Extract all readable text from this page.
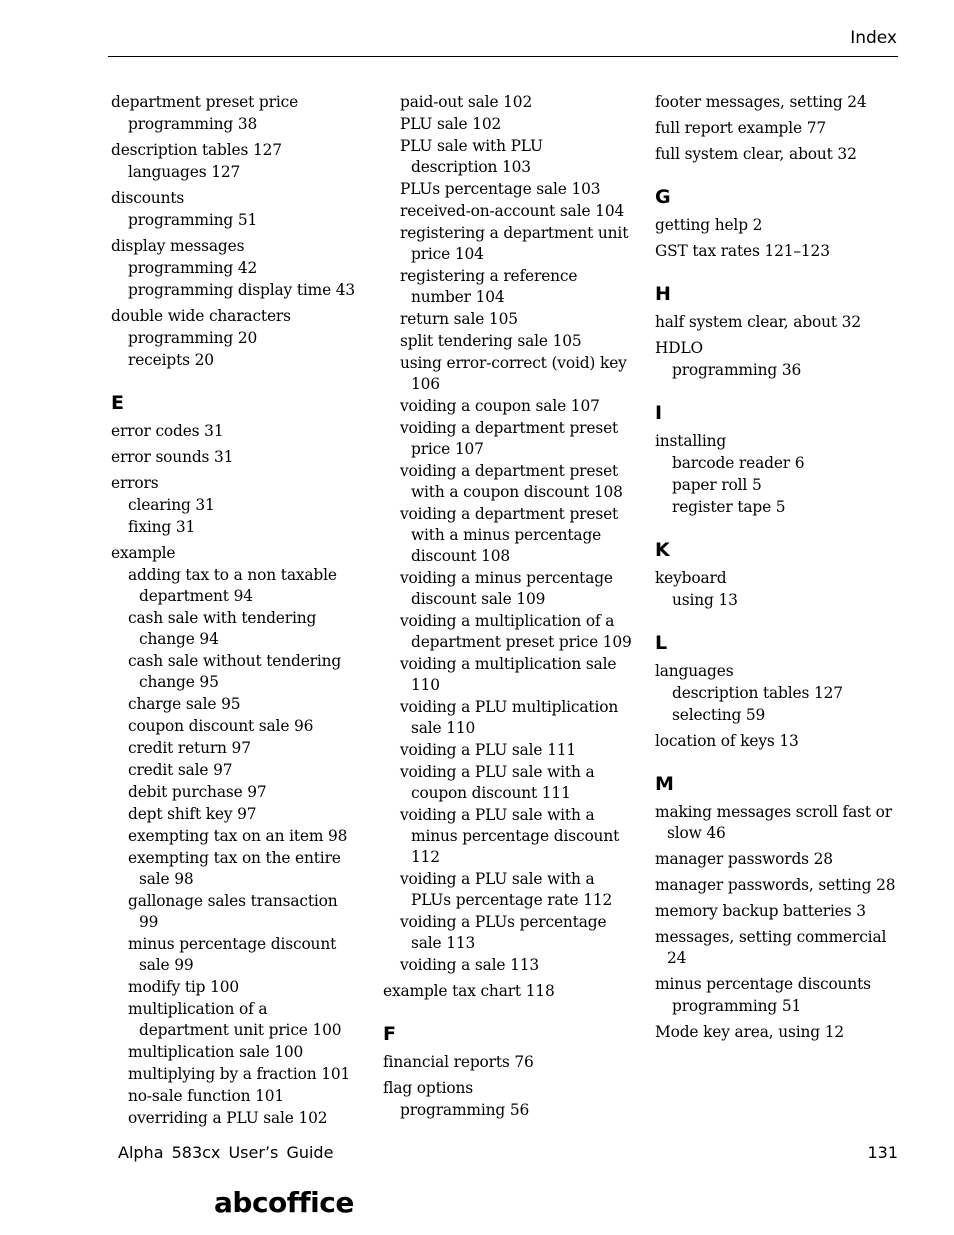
Index

department preset price

programming 38

description tables 127

languages 127

discounts

programming 51

display messages

programming 42

programming display time 43

double wide characters

programming 20

receipts 20

E

error codes 31

error sounds 31

errors

clearing 31

fixing 31

example

adding tax to a non taxable department 94

cash sale with tendering change 94

cash sale without tendering change 95

charge sale 95

coupon discount sale 96

credit return 97

credit sale 97

debit purchase 97

dept shift key 97

exempting tax on an item 98

exempting tax on the entire sale 98

gallonage sales transaction 99

minus percentage discount sale 99

modify tip 100

multiplication of a department unit price 100

multiplication sale 100

multiplying by a fraction 101

no-sale function 101

overriding a PLU sale 102

paid-out sale 102

PLU sale 102

PLU sale with PLU description 103

PLUs percentage sale 103

received-on-account sale 104

registering a department unit price 104

registering a reference number 104

return sale 105

split tendering sale 105

using error-correct (void) key 106

voiding a coupon sale 107

voiding a department preset price 107

voiding a department preset with a coupon discount 108

voiding a department preset with a minus percentage discount 108

voiding a minus percentage discount sale 109

voiding a multiplication of a department preset price 109

voiding a multiplication sale 110

voiding a PLU multiplication sale 110

voiding a PLU sale 111

voiding a PLU sale with a coupon discount 111

voiding a PLU sale with a minus percentage discount 112

voiding a PLU sale with a PLUs percentage rate 112

voiding a PLUs percentage sale 113

voiding a sale 113

example tax chart 118

F

financial reports 76

flag options

programming 56

footer messages, setting 24

full report example 77

full system clear, about 32

G

getting help 2

GST tax rates 121–123

H

half system clear, about 32

HDLO

programming 36

I

installing

barcode reader 6

paper roll 5

register tape 5

K

keyboard

using 13

L

languages

description tables 127

selecting 59

location of keys 13

M

making messages scroll fast or slow 46

manager passwords 28

manager passwords, setting 28

memory backup batteries 3

messages, setting commercial 24

minus percentage discounts

programming 51

Mode key area, using 12

Alpha 583cx User’s Guide	131
abcoffice
